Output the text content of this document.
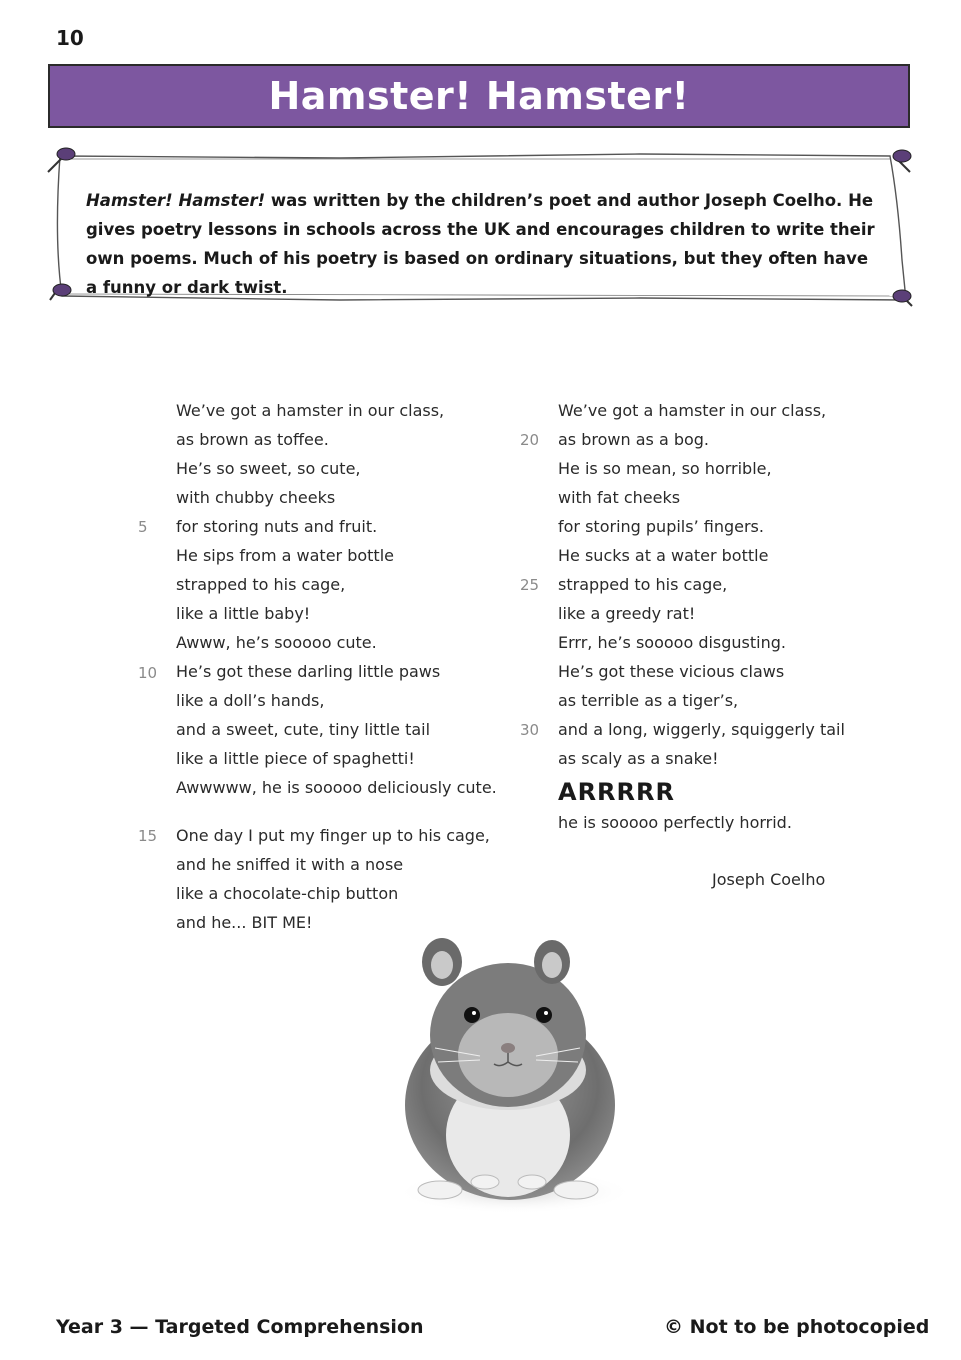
10
Hamster! Hamster!
Hamster! Hamster! was written by the children’s poet and author Joseph Coelho. He gives poetry lessons in schools across the UK and encourages children to write their own poems. Much of his poetry is based on ordinary situations, but they often have a funny or dark twist.
We’ve got a hamster in our class,
as brown as toffee.
He’s so sweet, so cute,
with chubby cheeks
5 for storing nuts and fruit.
He sips from a water bottle
strapped to his cage,
like a little baby!
Awww, he’s sooooo cute.
10 He’s got these darling little paws
like a doll’s hands,
and a sweet, cute, tiny little tail
like a little piece of spaghetti!
Awwwww, he is sooooo deliciously cute.
15 One day I put my finger up to his cage,
and he sniffed it with a nose
like a chocolate-chip button
and he... BIT ME!
We’ve got a hamster in our class,
20 as brown as a bog.
He is so mean, so horrible,
with fat cheeks
for storing pupils’ fingers.
He sucks at a water bottle
25 strapped to his cage,
like a greedy rat!
Errr, he’s sooooo disgusting.
He’s got these vicious claws
as terrible as a tiger’s,
30 and a long, wiggerly, squiggerly tail
as scaly as a snake!
ARRRRR
he is sooooo perfectly horrid.
Joseph Coelho
Year 3 — Targeted Comprehension	© Not to be photocopied
